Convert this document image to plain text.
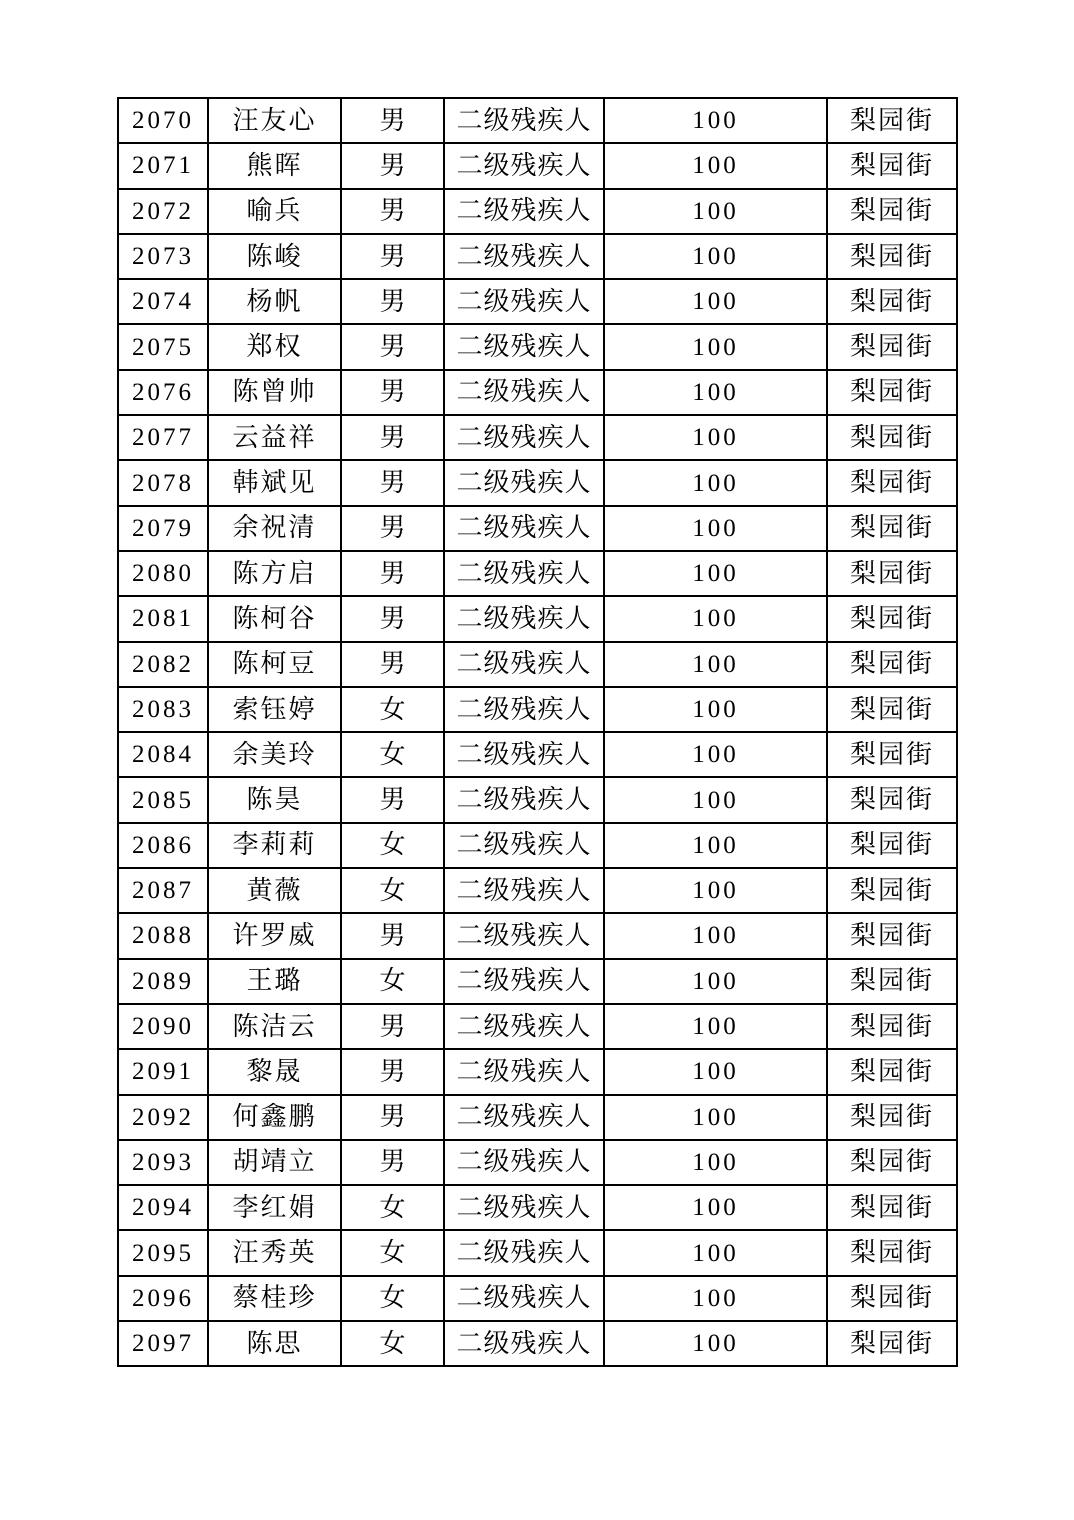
2070	汪友心	男	二级残疾人	100	梨园街
2071	熊晖	男	二级残疾人	100	梨园街
2072	喻兵	男	二级残疾人	100	梨园街
2073	陈峻	男	二级残疾人	100	梨园街
2074	杨帆	男	二级残疾人	100	梨园街
2075	郑权	男	二级残疾人	100	梨园街
2076	陈曾帅	男	二级残疾人	100	梨园街
2077	云益祥	男	二级残疾人	100	梨园街
2078	韩斌见	男	二级残疾人	100	梨园街
2079	余祝清	男	二级残疾人	100	梨园街
2080	陈方启	男	二级残疾人	100	梨园街
2081	陈柯谷	男	二级残疾人	100	梨园街
2082	陈柯豆	男	二级残疾人	100	梨园街
2083	索钰婷	女	二级残疾人	100	梨园街
2084	余美玲	女	二级残疾人	100	梨园街
2085	陈昊	男	二级残疾人	100	梨园街
2086	李莉莉	女	二级残疾人	100	梨园街
2087	黄薇	女	二级残疾人	100	梨园街
2088	许罗威	男	二级残疾人	100	梨园街
2089	王璐	女	二级残疾人	100	梨园街
2090	陈洁云	男	二级残疾人	100	梨园街
2091	黎晟	男	二级残疾人	100	梨园街
2092	何鑫鹏	男	二级残疾人	100	梨园街
2093	胡靖立	男	二级残疾人	100	梨园街
2094	李红娟	女	二级残疾人	100	梨园街
2095	汪秀英	女	二级残疾人	100	梨园街
2096	蔡桂珍	女	二级残疾人	100	梨园街
2097	陈思	女	二级残疾人	100	梨园街
